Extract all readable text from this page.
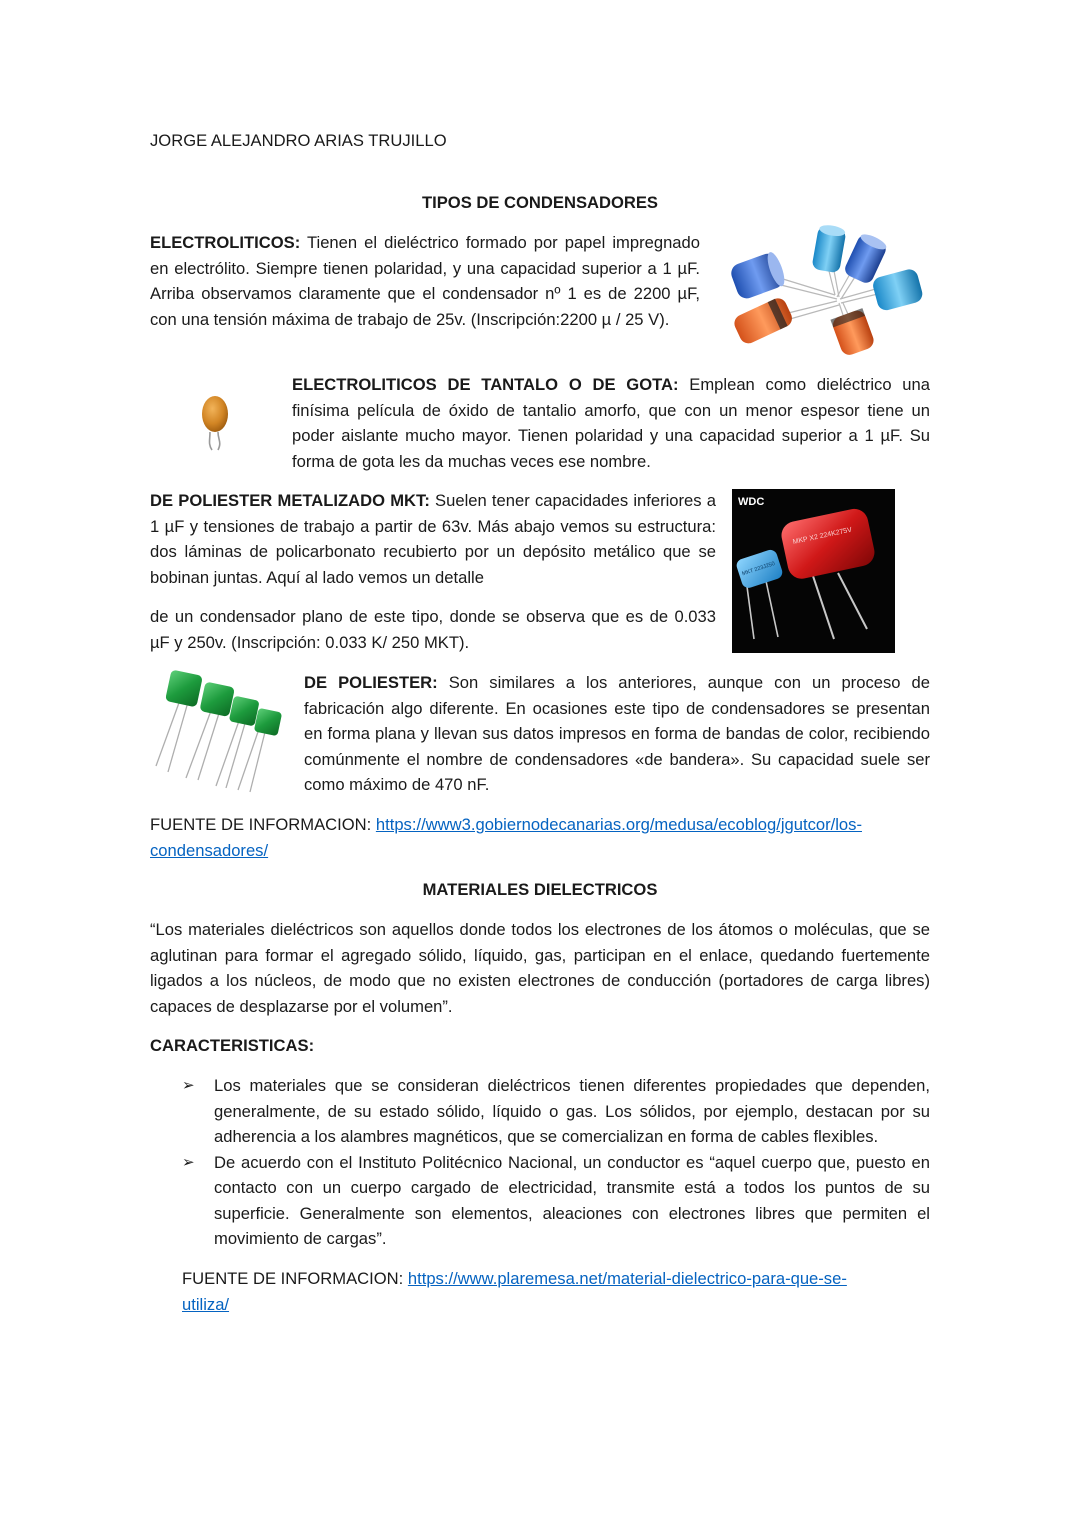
JORGE ALEJANDRO ARIAS TRUJILLO
TIPOS DE CONDENSADORES
ELECTROLITICOS: Tienen el dieléctrico formado por papel impregnado en electrólito. Siempre tienen polaridad, y una capacidad superior a 1 µF. Arriba observamos claramente que el condensador nº 1 es de 2200 µF, con una tensión máxima de trabajo de 25v. (Inscripción:2200 µ / 25 V).
ELECTROLITICOS DE TANTALO O DE GOTA: Emplean como dieléctrico una finísima película de óxido de tantalio amorfo, que con un menor espesor tiene un poder aislante mucho mayor. Tienen polaridad y una capacidad superior a 1 µF. Su forma de gota les da muchas veces ese nombre.
DE POLIESTER METALIZADO MKT: Suelen tener capacidades inferiores a 1 µF y tensiones de trabajo a partir de 63v. Más abajo vemos su estructura: dos láminas de policarbonato recubierto por un depósito metálico que se bobinan juntas. Aquí al lado vemos un detalle
de un condensador plano de este tipo, donde se observa que es de 0.033 µF y 250v. (Inscripción: 0.033 K/ 250 MKT).
WDC
MKP X2 224K275V
MKT 223J250
DE POLIESTER: Son similares a los anteriores, aunque con un proceso de fabricación algo diferente. En ocasiones este tipo de condensadores se presentan en forma plana y llevan sus datos impresos en forma de bandas de color, recibiendo comúnmente el nombre de condensadores «de bandera». Su capacidad suele ser como máximo de 470 nF.
FUENTE DE INFORMACION: https://www3.gobiernodecanarias.org/medusa/ecoblog/jgutcor/los-
condensadores/
MATERIALES DIELECTRICOS
“Los materiales dieléctricos son aquellos donde todos los electrones de los átomos o moléculas, que se aglutinan para formar el agregado sólido, líquido, gas, participan en el enlace, quedando fuertemente ligados a los núcleos, de modo que no existen electrones de conducción (portadores de carga libres) capaces de desplazarse por el volumen”.
CARACTERISTICAS:
➢ Los materiales que se consideran dieléctricos tienen diferentes propiedades que dependen, generalmente, de su estado sólido, líquido o gas. Los sólidos, por ejemplo, destacan por su adherencia a los alambres magnéticos, que se comercializan en forma de cables flexibles.
➢ De acuerdo con el Instituto Politécnico Nacional, un conductor es “aquel cuerpo que, puesto en contacto con un cuerpo cargado de electricidad, transmite está a todos los puntos de su superficie. Generalmente son elementos, aleaciones con electrones libres que permiten el movimiento de cargas”.
FUENTE DE INFORMACION: https://www.plaremesa.net/material-dielectrico-para-que-se-
utiliza/
